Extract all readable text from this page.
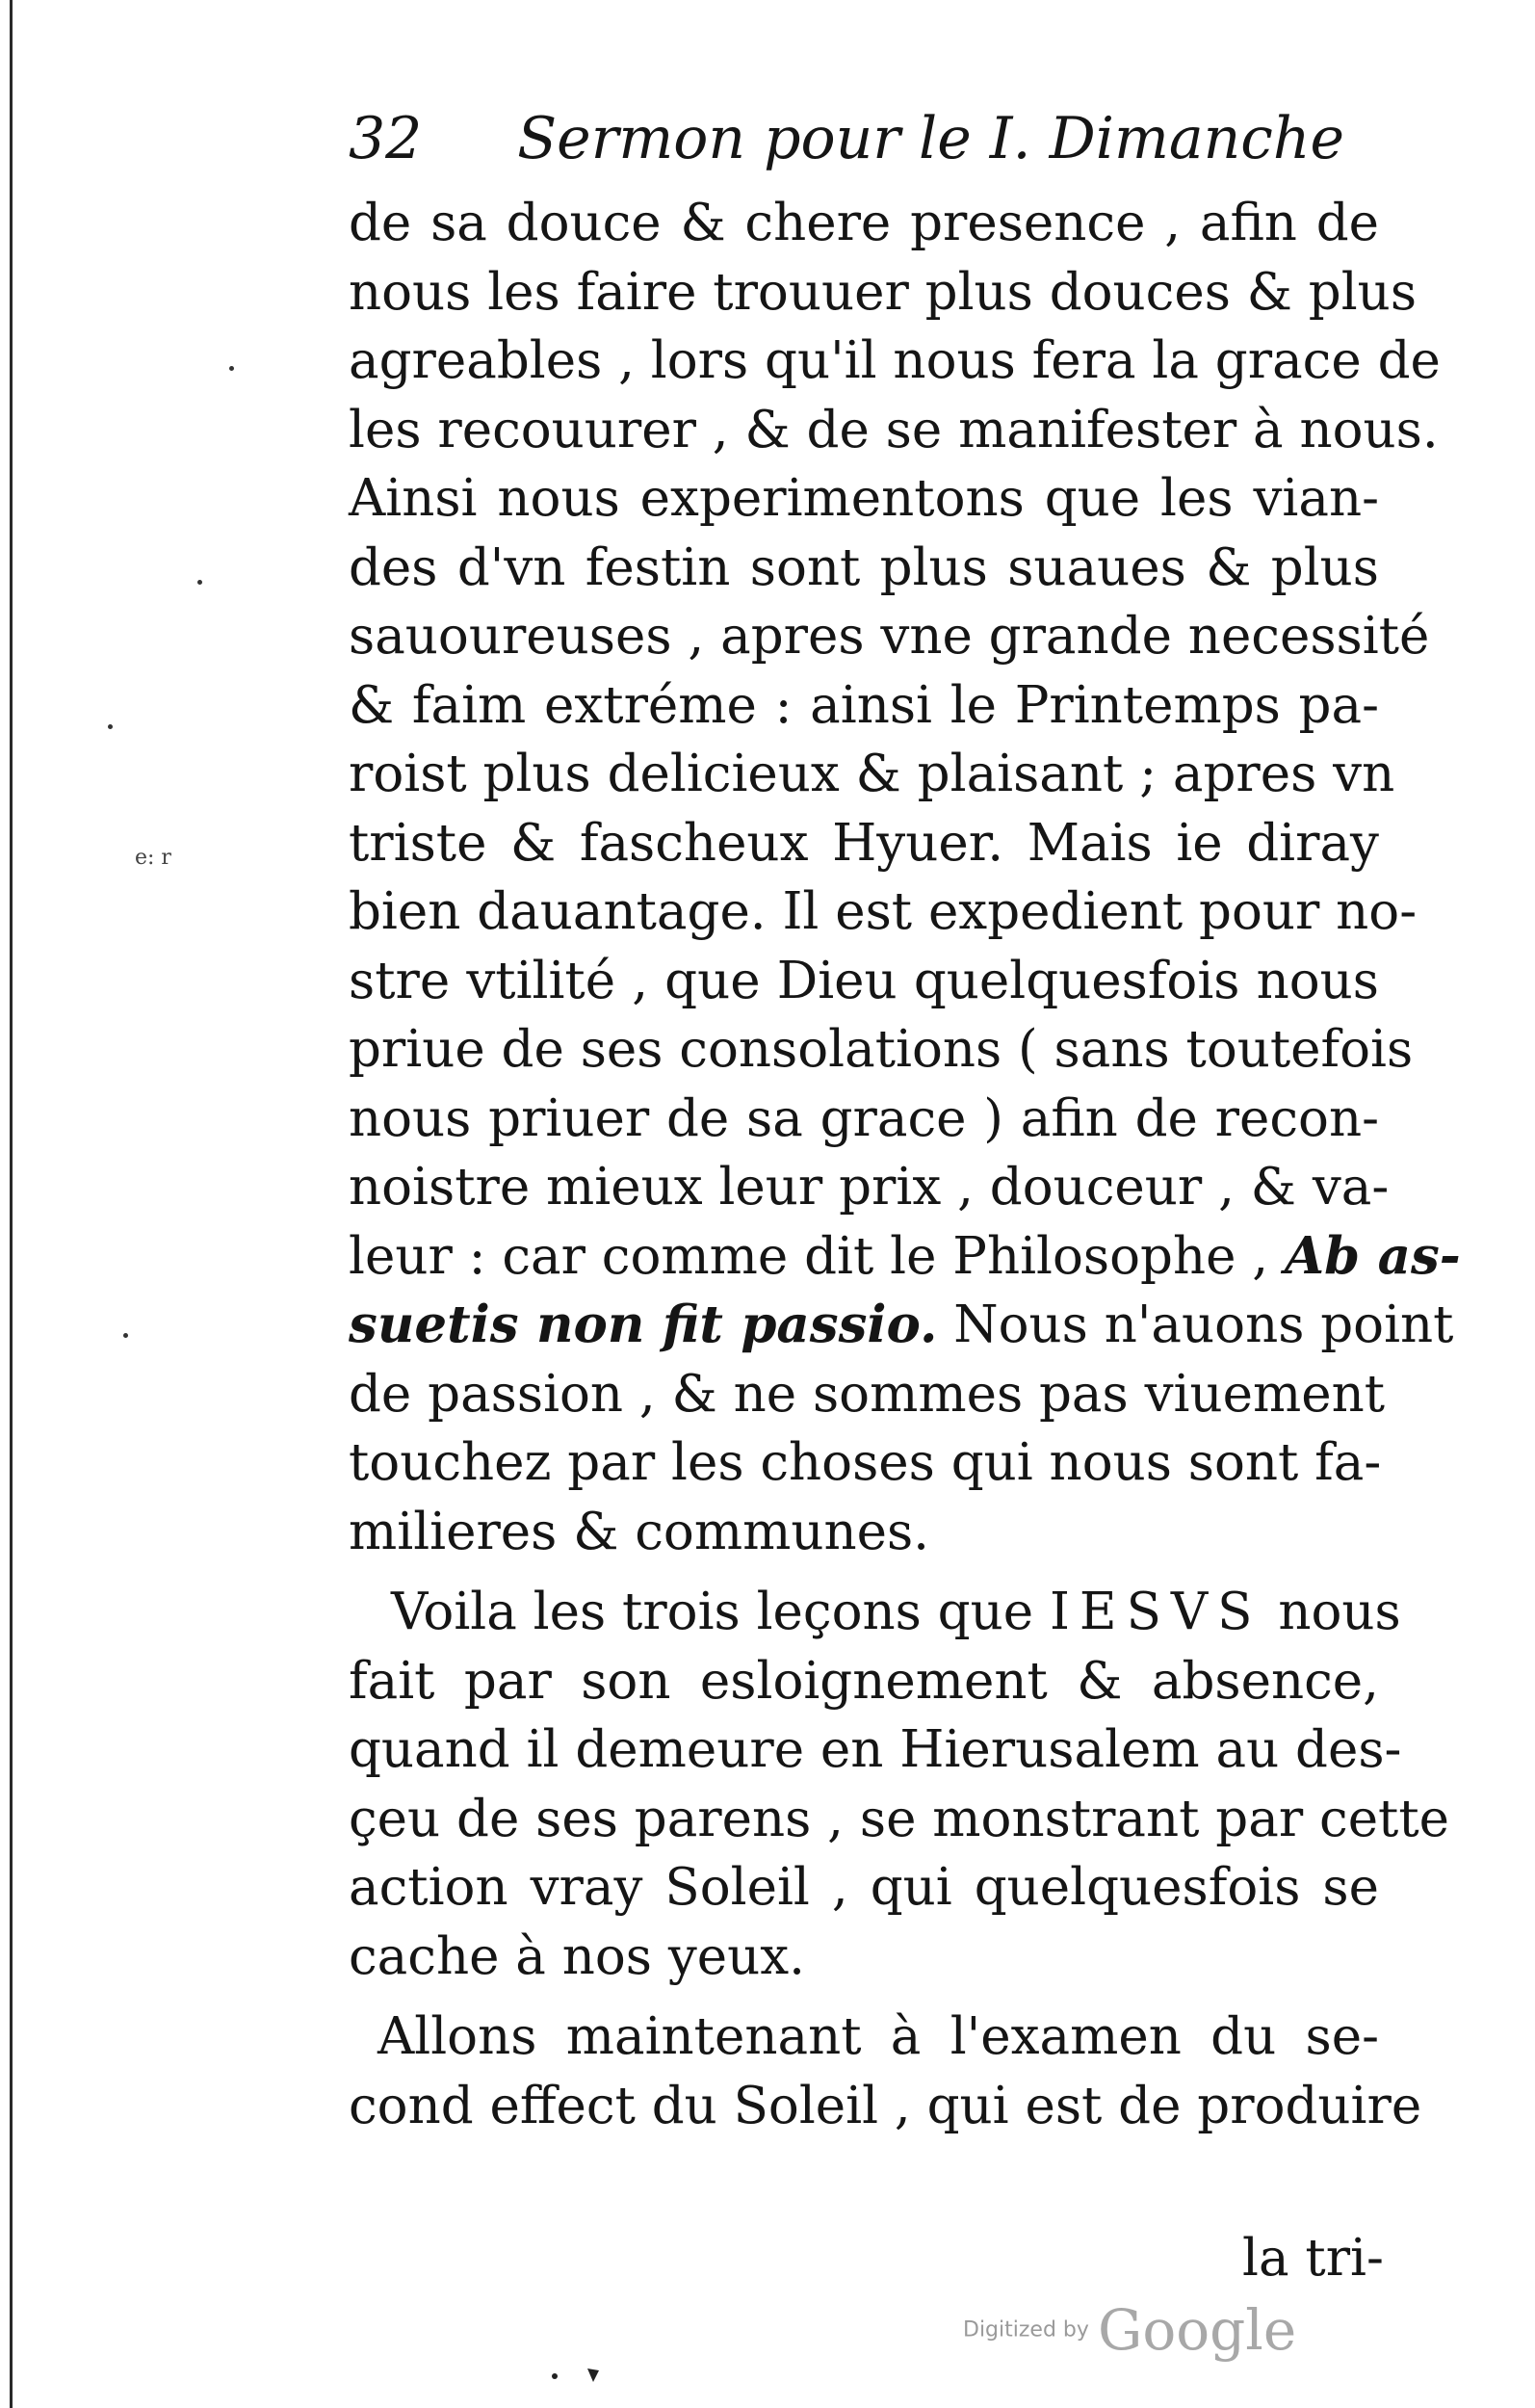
32 Sermon pour le I. Dimanche
e: r
de sa douce & chere presence , afin de
nous les faire trouuer plus douces & plus
agreables , lors qu'il nous fera la grace de
les recouurer , & de se manifester à nous.
Ainsi nous experimentons que les vian-
des d'vn festin sont plus suaues & plus
sauoureuses , apres vne grande necessité
& faim extréme : ainsi le Printemps pa-
roist plus delicieux & plaisant ; apres vn
triste & fascheux Hyuer. Mais ie diray
bien dauantage. Il est expedient pour no-
stre vtilité , que Dieu quelquesfois nous
priue de ses consolations ( sans toutefois
nous priuer de sa grace ) afin de recon-
noistre mieux leur prix , douceur , & va-
leur : car comme dit le Philosophe , Ab as-
suetis non fit passio. Nous n'auons point
de passion , & ne sommes pas viuement
touchez par les choses qui nous sont fa-
milieres & communes.
Voila les trois leçons que IESVS nous
fait par son esloignement & absence,
quand il demeure en Hierusalem au des-
çeu de ses parens , se monstrant par cette
action vray Soleil , qui quelquesfois se
cache à nos yeux.
Allons maintenant à l'examen du se-
cond effect du Soleil , qui est de produire
la tri-
Digitized by Google
